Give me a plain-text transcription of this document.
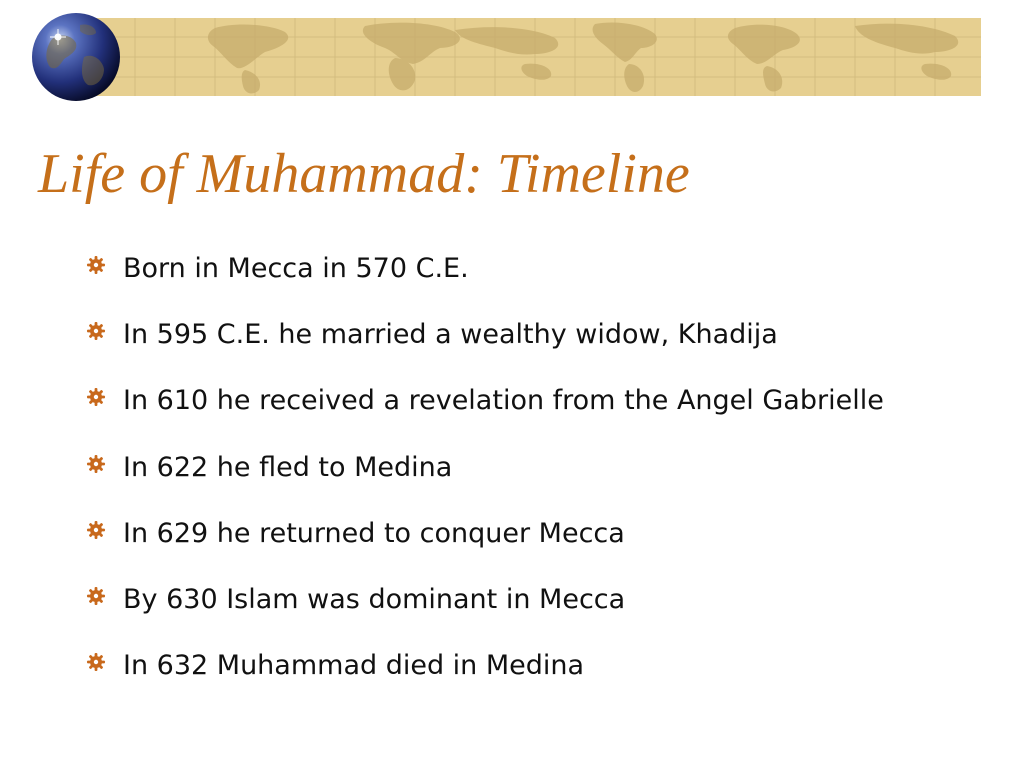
Life of Muhammad: Timeline
Born in Mecca in 570 C.E.
In 595 C.E. he married a wealthy widow, Khadija
In 610 he received a revelation from the Angel Gabrielle
In 622 he fled to Medina
In 629 he returned to conquer Mecca
By 630 Islam was dominant in Mecca
In 632 Muhammad died in Medina
